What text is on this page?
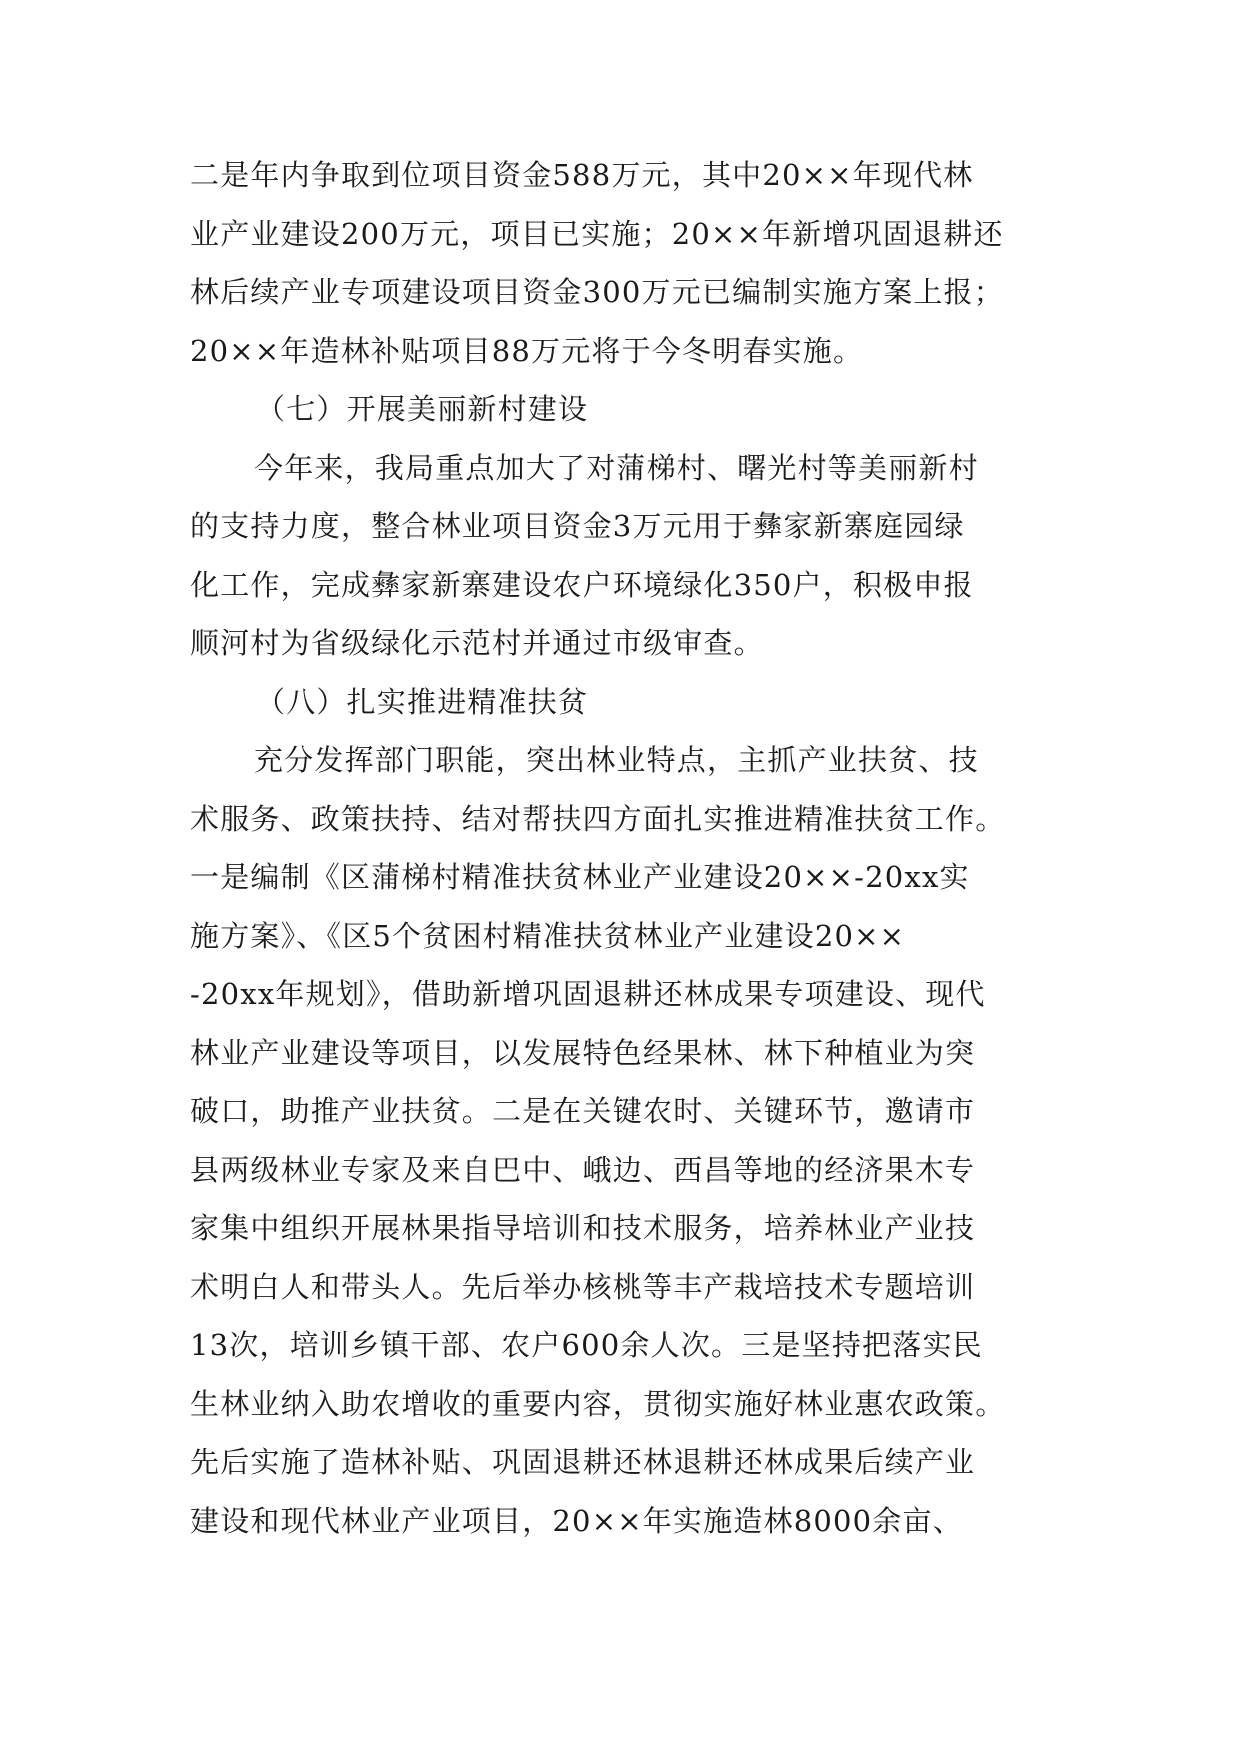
二是年内争取到位项目资金588万元，其中20××年现代林
业产业建设200万元，项目已实施；20××年新增巩固退耕还
林后续产业专项建设项目资金300万元已编制实施方案上报；
20××年造林补贴项目88万元将于今冬明春实施。
（七）开展美丽新村建设
今年来，我局重点加大了对蒲梯村、曙光村等美丽新村
的支持力度，整合林业项目资金3万元用于彝家新寨庭园绿
化工作，完成彝家新寨建设农户环境绿化350户，积极申报
顺河村为省级绿化示范村并通过市级审查。
（八）扎实推进精准扶贫
充分发挥部门职能，突出林业特点，主抓产业扶贫、技
术服务、政策扶持、结对帮扶四方面扎实推进精准扶贫工作。
一是编制《区蒲梯村精准扶贫林业产业建设20××-20xx实
施方案》、《区5个贫困村精准扶贫林业产业建设20××
-20xx年规划》，借助新增巩固退耕还林成果专项建设、现代
林业产业建设等项目，以发展特色经果林、林下种植业为突
破口，助推产业扶贫。二是在关键农时、关键环节，邀请市
县两级林业专家及来自巴中、峨边、西昌等地的经济果木专
家集中组织开展林果指导培训和技术服务，培养林业产业技
术明白人和带头人。先后举办核桃等丰产栽培技术专题培训
13次，培训乡镇干部、农户600余人次。三是坚持把落实民
生林业纳入助农增收的重要内容，贯彻实施好林业惠农政策。
先后实施了造林补贴、巩固退耕还林退耕还林成果后续产业
建设和现代林业产业项目，20××年实施造林8000余亩、
